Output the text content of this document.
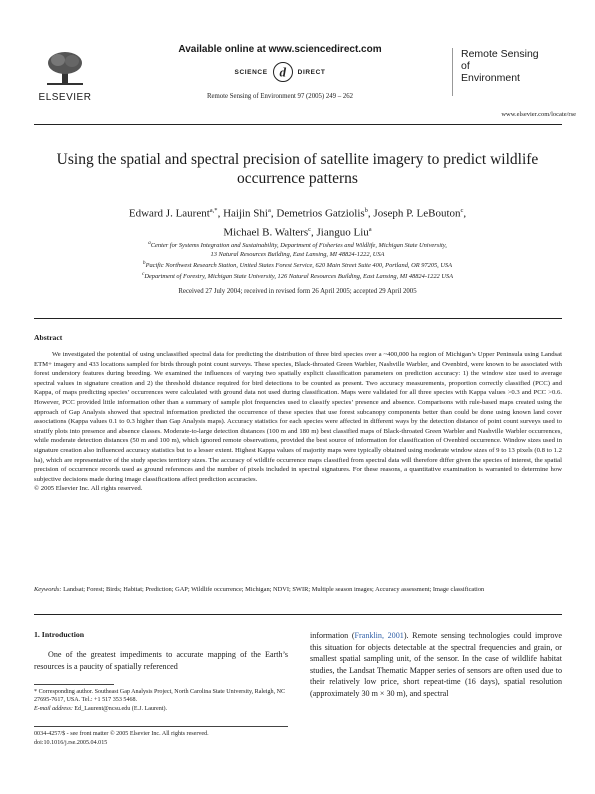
ELSEVIER
Available online at www.sciencedirect.com
SCIENCE d DIRECT
Remote Sensing of Environment 97 (2005) 249 – 262
Remote Sensing
of
Environment
www.elsevier.com/locate/rse
Using the spatial and spectral precision of satellite imagery to predict wildlife occurrence patterns
Edward J. Laurent$^{a,*}$, Haijin Shi$^a$, Demetrios Gatziolis$^b$, Joseph P. LeBouton$^c$,
Michael B. Walters$^c$, Jianguo Liu$^a$

$^a$Center for Systems Integration and Sustainability, Department of Fisheries and Wildlife, Michigan State University,

13 Natural Resources Building, East Lansing, MI 48824-1222, USA

$^b$Pacific Northwest Research Station, United States Forest Service, 620 Main Street Suite 400, Portland, OR 97205, USA

$^c$Department of Forestry, Michigan State University, 126 Natural Resources Building, East Lansing, MI 48824-1222 USA

Received 27 July 2004; received in revised form 26 April 2005; accepted 29 April 2005
Abstract

We investigated the potential of using unclassified spectral data for predicting the distribution of three bird species over a ~400,000 ha region of Michigan’s Upper Peninsula using Landsat ETM+ imagery and 433 locations sampled for birds through point count surveys. These species, Black-throated Green Warbler, Nashville Warbler, and Ovenbird, were known to be associated with forest understory features during breeding. We examined the influences of varying two spatially explicit classification parameters on prediction accuracy: 1) the window size used to average spectral values in signature creation and 2) the threshold distance required for bird detections to be counted as present. Two accuracy measurements, proportion correctly classified (PCC) and Kappa, of maps predicting species’ occurrences were calculated with ground data not used during classification. Maps were validated for all three species with Kappa values >0.3 and PCC >0.6. However, PCC provided little information other than a summary of sample plot frequencies used to classify species’ presence and absence. Comparisons with rule-based maps created using the approach of Gap Analysis showed that spectral information predicted the occurrence of these species that use forest subcanopy components better than could be done using known land cover associations (Kappa values 0.1 to 0.3 higher than Gap Analysis maps). Accuracy statistics for each species were affected in different ways by the detection distance of point count surveys used to stratify plots into presence and absence classes. Moderate-to-large detection distances (100 m and 180 m) best classified maps of Black-throated Green Warbler and Nashville Warbler occurrences, while moderate detection distances (50 m and 100 m), which ignored remote observations, provided the best source of information for classification of Ovenbird occurrence. Window sizes used in signature creation also influenced accuracy statistics but to a lesser extent. Highest Kappa values of majority maps were typically obtained using moderate window sizes of 9 to 13 pixels (0.8 to 1.2 ha), which are representative of the study species territory sizes. The accuracy of wildlife occurrence maps classified from spectral data will therefore differ given the species of interest, the spatial precision of occurrence records used as ground references and the number of pixels included in spectral signatures. For these reasons, a quantitative examination is warranted to determine how subjective decisions made during image classifications affect prediction accuracies.

© 2005 Elsevier Inc. All rights reserved.

Keywords: Landsat; Forest; Birds; Habitat; Prediction; GAP; Wildlife occurrence; Michigan; NDVI; SWIR; Multiple season images; Accuracy assessment; Image classification
1. Introduction

One of the greatest impediments to accurate mapping of the Earth’s resources is a paucity of spatially referenced

information (Franklin, 2001). Remote sensing technologies could improve this situation for objects detectable at the spectral frequencies and grain, or smallest spatial sampling unit, of the sensor. In the case of wildlife habitat studies, the Landsat Thematic Mapper series of sensors are often used due to their relatively low price, short repeat-time (16 days), spatial resolution (approximately 30 m × 30 m), and spectral

* Corresponding author. Southeast Gap Analysis Project, North Carolina State University, Raleigh, NC 27695-7617, USA. Tel.: +1 517 353 5468.
E-mail address: Ed_Laurent@ncsu.edu (E.J. Laurent).
0034-4257/$ - see front matter © 2005 Elsevier Inc. All rights reserved.
doi:10.1016/j.rse.2005.04.015
